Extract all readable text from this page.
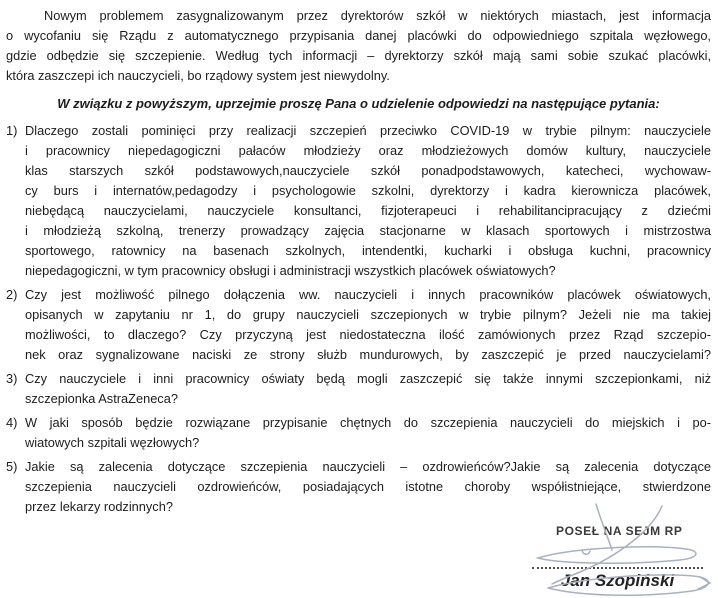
Nowym problemem zasygnalizowanym przez dyrektorów szkół w niektórych miastach, jest informacja
o wycofaniu się Rządu z automatycznego przypisania danej placówki do odpowiedniego szpitala węzłowego,
gdzie odbędzie się szczepienie. Według tych informacji – dyrektorzy szkół mają sami sobie szukać placówki,
która zaszczepi ich nauczycieli, bo rządowy system jest niewydolny.
W związku z powyższym, uprzejmie proszę Pana o udzielenie odpowiedzi na następujące pytania:
1) Dlaczego zostali pominięci przy realizacji szczepień przeciwko COVID-19 w trybie pilnym: nauczyciele
i pracownicy niepedagogiczni pałaców młodzieży oraz młodzieżowych domów kultury, nauczyciele
klas starszych szkół podstawowych,nauczyciele szkół ponadpodstawowych, katecheci, wychowaw-
cy burs i internatów,pedagodzy i psychologowie szkolni, dyrektorzy i kadra kierownicza placówek,
niebędącą nauczycielami, nauczyciele konsultanci, fizjoterapeuci i rehabilitancipracujący z dziećmi
i młodzieżą szkolną, trenerzy prowadzący zajęcia stacjonarne w klasach sportowych i mistrzostwa
sportowego, ratownicy na basenach szkolnych, intendentki, kucharki i obsługa kuchni, pracownicy
niepedagogiczni, w tym pracownicy obsługi i administracji wszystkich placówek oświatowych?
2) Czy jest możliwość pilnego dołączenia ww. nauczycieli i innych pracowników placówek oświatowych,
opisanych w zapytaniu nr 1, do grupy nauczycieli szczepionych w trybie pilnym? Jeżeli nie ma takiej
możliwości, to dlaczego? Czy przyczyną jest niedostateczna ilość zamówionych przez Rząd szczepio-
nek oraz sygnalizowane naciski ze strony służb mundurowych, by zaszczepić je przed nauczycielami?
3) Czy nauczyciele i inni pracownicy oświaty będą mogli zaszczepić się także innymi szczepionkami, niż
szczepionka AstraZeneca?
4) W jaki sposób będzie rozwiązane przypisanie chętnych do szczepienia nauczycieli do miejskich i po-
wiatowych szpitali węzłowych?
5) Jakie są zalecenia dotyczące szczepienia nauczycieli – ozdrowieńców?Jakie są zalecenia dotyczące
szczepienia nauczycieli ozdrowieńców, posiadających istotne choroby współistniejące, stwierdzone
przez lekarzy rodzinnych?
POSEŁ NA SEJM RP
Jan Szopiński
